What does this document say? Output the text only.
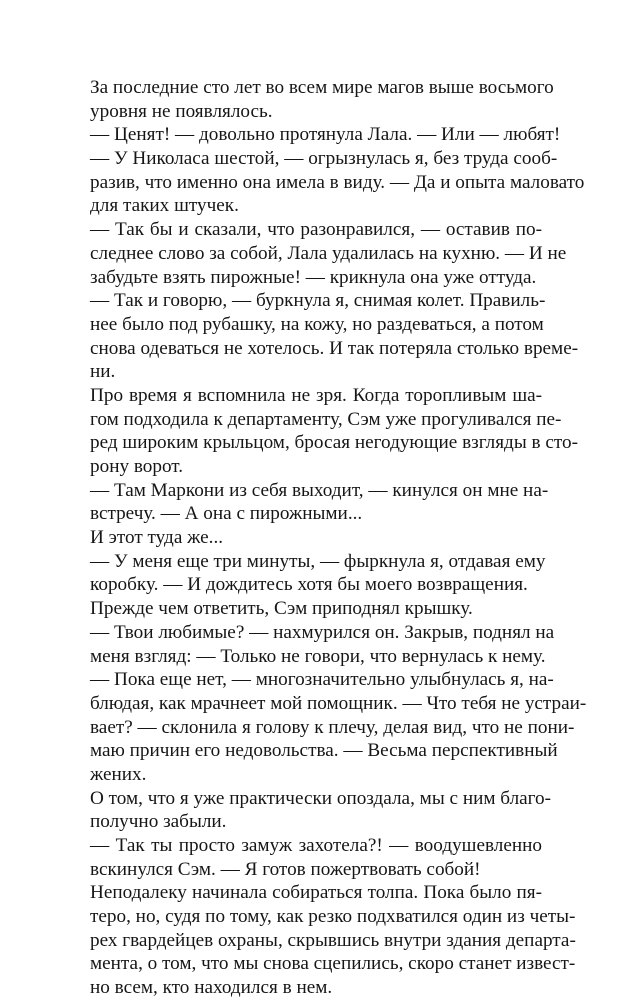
За последние сто лет во всем мире магов выше восьмого
уровня не появлялось.
— Ценят! — довольно протянула Лала. — Или — любят!
— У Николаса шестой, — огрызнулась я, без труда сооб-
разив, что именно она имела в виду. — Да и опыта маловато
для таких штучек.
— Так бы и сказали, что разонравился, — оставив по-
следнее слово за собой, Лала удалилась на кухню. — И не
забудьте взять пирожные! — крикнула она уже оттуда.
— Так и говорю, — буркнула я, снимая колет. Правиль-
нее было под рубашку, на кожу, но раздеваться, а потом
снова одеваться не хотелось. И так потеряла столько време-
ни.
Про время я вспомнила не зря. Когда торопливым ша-
гом подходила к департаменту, Сэм уже прогуливался пе-
ред широким крыльцом, бросая негодующие взгляды в сто-
рону ворот.
— Там Маркони из себя выходит, — кинулся он мне на-
встречу. — А она с пирожными...
И этот туда же...
— У меня еще три минуты, — фыркнула я, отдавая ему
коробку. — И дождитесь хотя бы моего возвращения.
Прежде чем ответить, Сэм приподнял крышку.
— Твои любимые? — нахмурился он. Закрыв, поднял на
меня взгляд: — Только не говори, что вернулась к нему.
— Пока еще нет, — многозначительно улыбнулась я, на-
блюдая, как мрачнеет мой помощник. — Что тебя не устраи-
вает? — склонила я голову к плечу, делая вид, что не пони-
маю причин его недовольства. — Весьма перспективный
жених.
О том, что я уже практически опоздала, мы с ним благо-
получно забыли.
— Так ты просто замуж захотела?! — воодушевленно
вскинулся Сэм. — Я готов пожертвовать собой!
Неподалеку начинала собираться толпа. Пока было пя-
теро, но, судя по тому, как резко подхватился один из четы-
рех гвардейцев охраны, скрывшись внутри здания департа-
мента, о том, что мы снова сцепились, скоро станет извест-
но всем, кто находился в нем.
